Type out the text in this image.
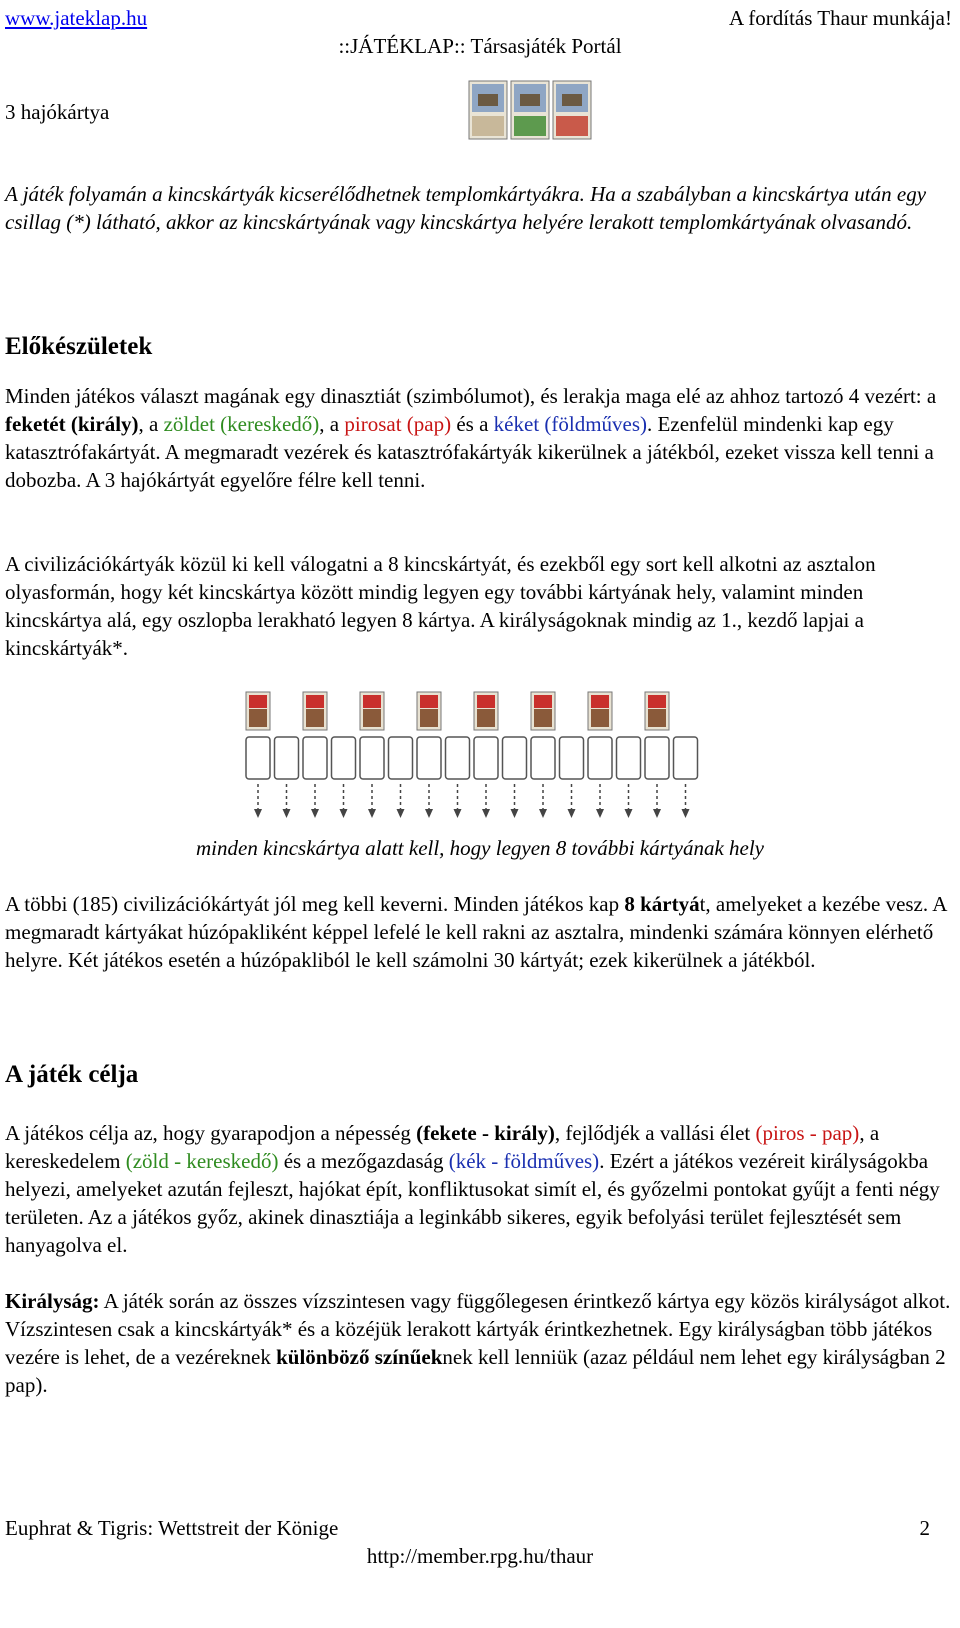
www.jateklap.hu	A fordítás Thaur munkája!
::JÁTÉKLAP:: Társasjáték Portál
3 hajókártya

A játék folyamán a kincskártyák kicserélődhetnek templomkártyákra. Ha a szabályban a kincskártya után egy csillag (*) látható, akkor az kincskártyának vagy kincskártya helyére lerakott templomkártyának olvasandó.

Előkészületek

Minden játékos választ magának egy dinasztiát (szimbólumot), és lerakja maga elé az ahhoz tartozó 4 vezért: a feketét (király), a zöldet (kereskedő), a pirosat (pap) és a kéket (földműves). Ezenfelül mindenki kap egy katasztrófakártyát. A megmaradt vezérek és katasztrófakártyák kikerülnek a játékból, ezeket vissza kell tenni a dobozba. A 3 hajókártyát egyelőre félre kell tenni.

A civilizációkártyák közül ki kell válogatni a 8 kincskártyát, és ezekből egy sort kell alkotni az asztalon olyasformán, hogy két kincskártya között mindig legyen egy további kártyának hely, valamint minden kincskártya alá, egy oszlopba lerakható legyen 8 kártya. A királyságoknak mindig az 1., kezdő lapjai a kincskártyák*.

minden kincskártya alatt kell, hogy legyen 8 további kártyának hely

A többi (185) civilizációkártyát jól meg kell keverni. Minden játékos kap 8 kártyát, amelyeket a kezébe vesz. A megmaradt kártyákat húzópakliként képpel lefelé le kell rakni az asztalra, mindenki számára könnyen elérhető helyre. Két játékos esetén a húzópakliból le kell számolni 30 kártyát; ezek kikerülnek a játékból.

A játék célja

A játékos célja az, hogy gyarapodjon a népesség (fekete - király), fejlődjék a vallási élet (piros - pap), a kereskedelem (zöld - kereskedő) és a mezőgazdaság (kék - földműves). Ezért a játékos vezéreit királyságokba helyezi, amelyeket azután fejleszt, hajókat épít, konfliktusokat simít el, és győzelmi pontokat gyűjt a fenti négy területen. Az a játékos győz, akinek dinasztiája a leginkább sikeres, egyik befolyási terület fejlesztését sem hanyagolva el.

Királyság: A játék során az összes vízszintesen vagy függőlegesen érintkező kártya egy közös királyságot alkot. Vízszintesen csak a kincskártyák* és a közéjük lerakott kártyák érintkezhetnek. Egy királyságban több játékos vezére is lehet, de a vezéreknek különböző színűeknek kell lenniük (azaz például nem lehet egy királyságban 2 pap).

Euphrat & Tigris: Wettstreit der Könige	2
http://member.rpg.hu/thaur
